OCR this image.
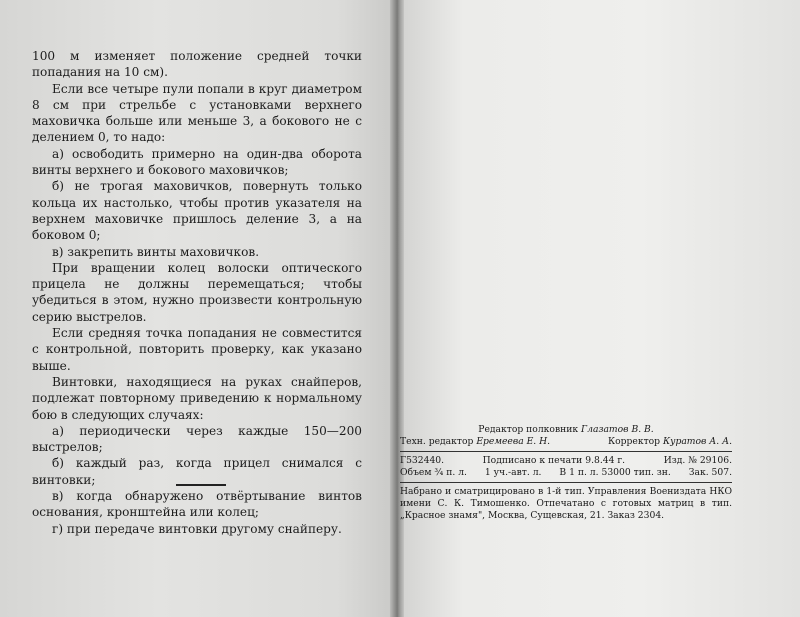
100 м изменяет положение средней точки попадания на 10 см).

Если все четыре пули попали в круг диаметром 8 см при стрельбе с установками верхнего маховичка больше или меньше 3, а бокового не с делением 0, то надо:

а) освободить примерно на один-два оборота винты верхнего и бокового маховичков;

б) не трогая маховичков, повернуть только кольца их настолько, чтобы против указателя на верхнем маховичке пришлось деление 3, а на боковом 0;

в) закрепить винты маховичков.

При вращении колец волоски оптического прицела не должны перемещаться; чтобы убедиться в этом, нужно произвести контрольную серию выстрелов.

Если средняя точка попадания не совместится с контрольной, повторить проверку, как указано выше.

Винтовки, находящиеся на руках снайперов, подлежат повторному приведению к нормальному бою в следующих случаях:

а) периодически через каждые 150—200 выстрелов;

б) каждый раз, когда прицел снимался с винтовки;

в) когда обнаружено отвёртывание винтов основания, кронштейна или колец;

г) при передаче винтовки другому снайперу.

Редактор полковник Глазатов В. В.
Техн. редактор Еремеева Е. Н.	Корректор Куратов А. А.
Г532440.	Подписано к печати 9.8.44 г.	Изд. № 29106.
Объем ¾ п. л. 1 уч.-авт. л. В 1 п. л. 53000 тип. зн. Зак. 507.
Набрано и сматрицировано в 1-й тип. Управления Воениздата НКО имени С. К. Тимошенко. Отпечатано с готовых матриц в тип. „Красное знамя", Москва, Сущевская, 21. Заказ 2304.
